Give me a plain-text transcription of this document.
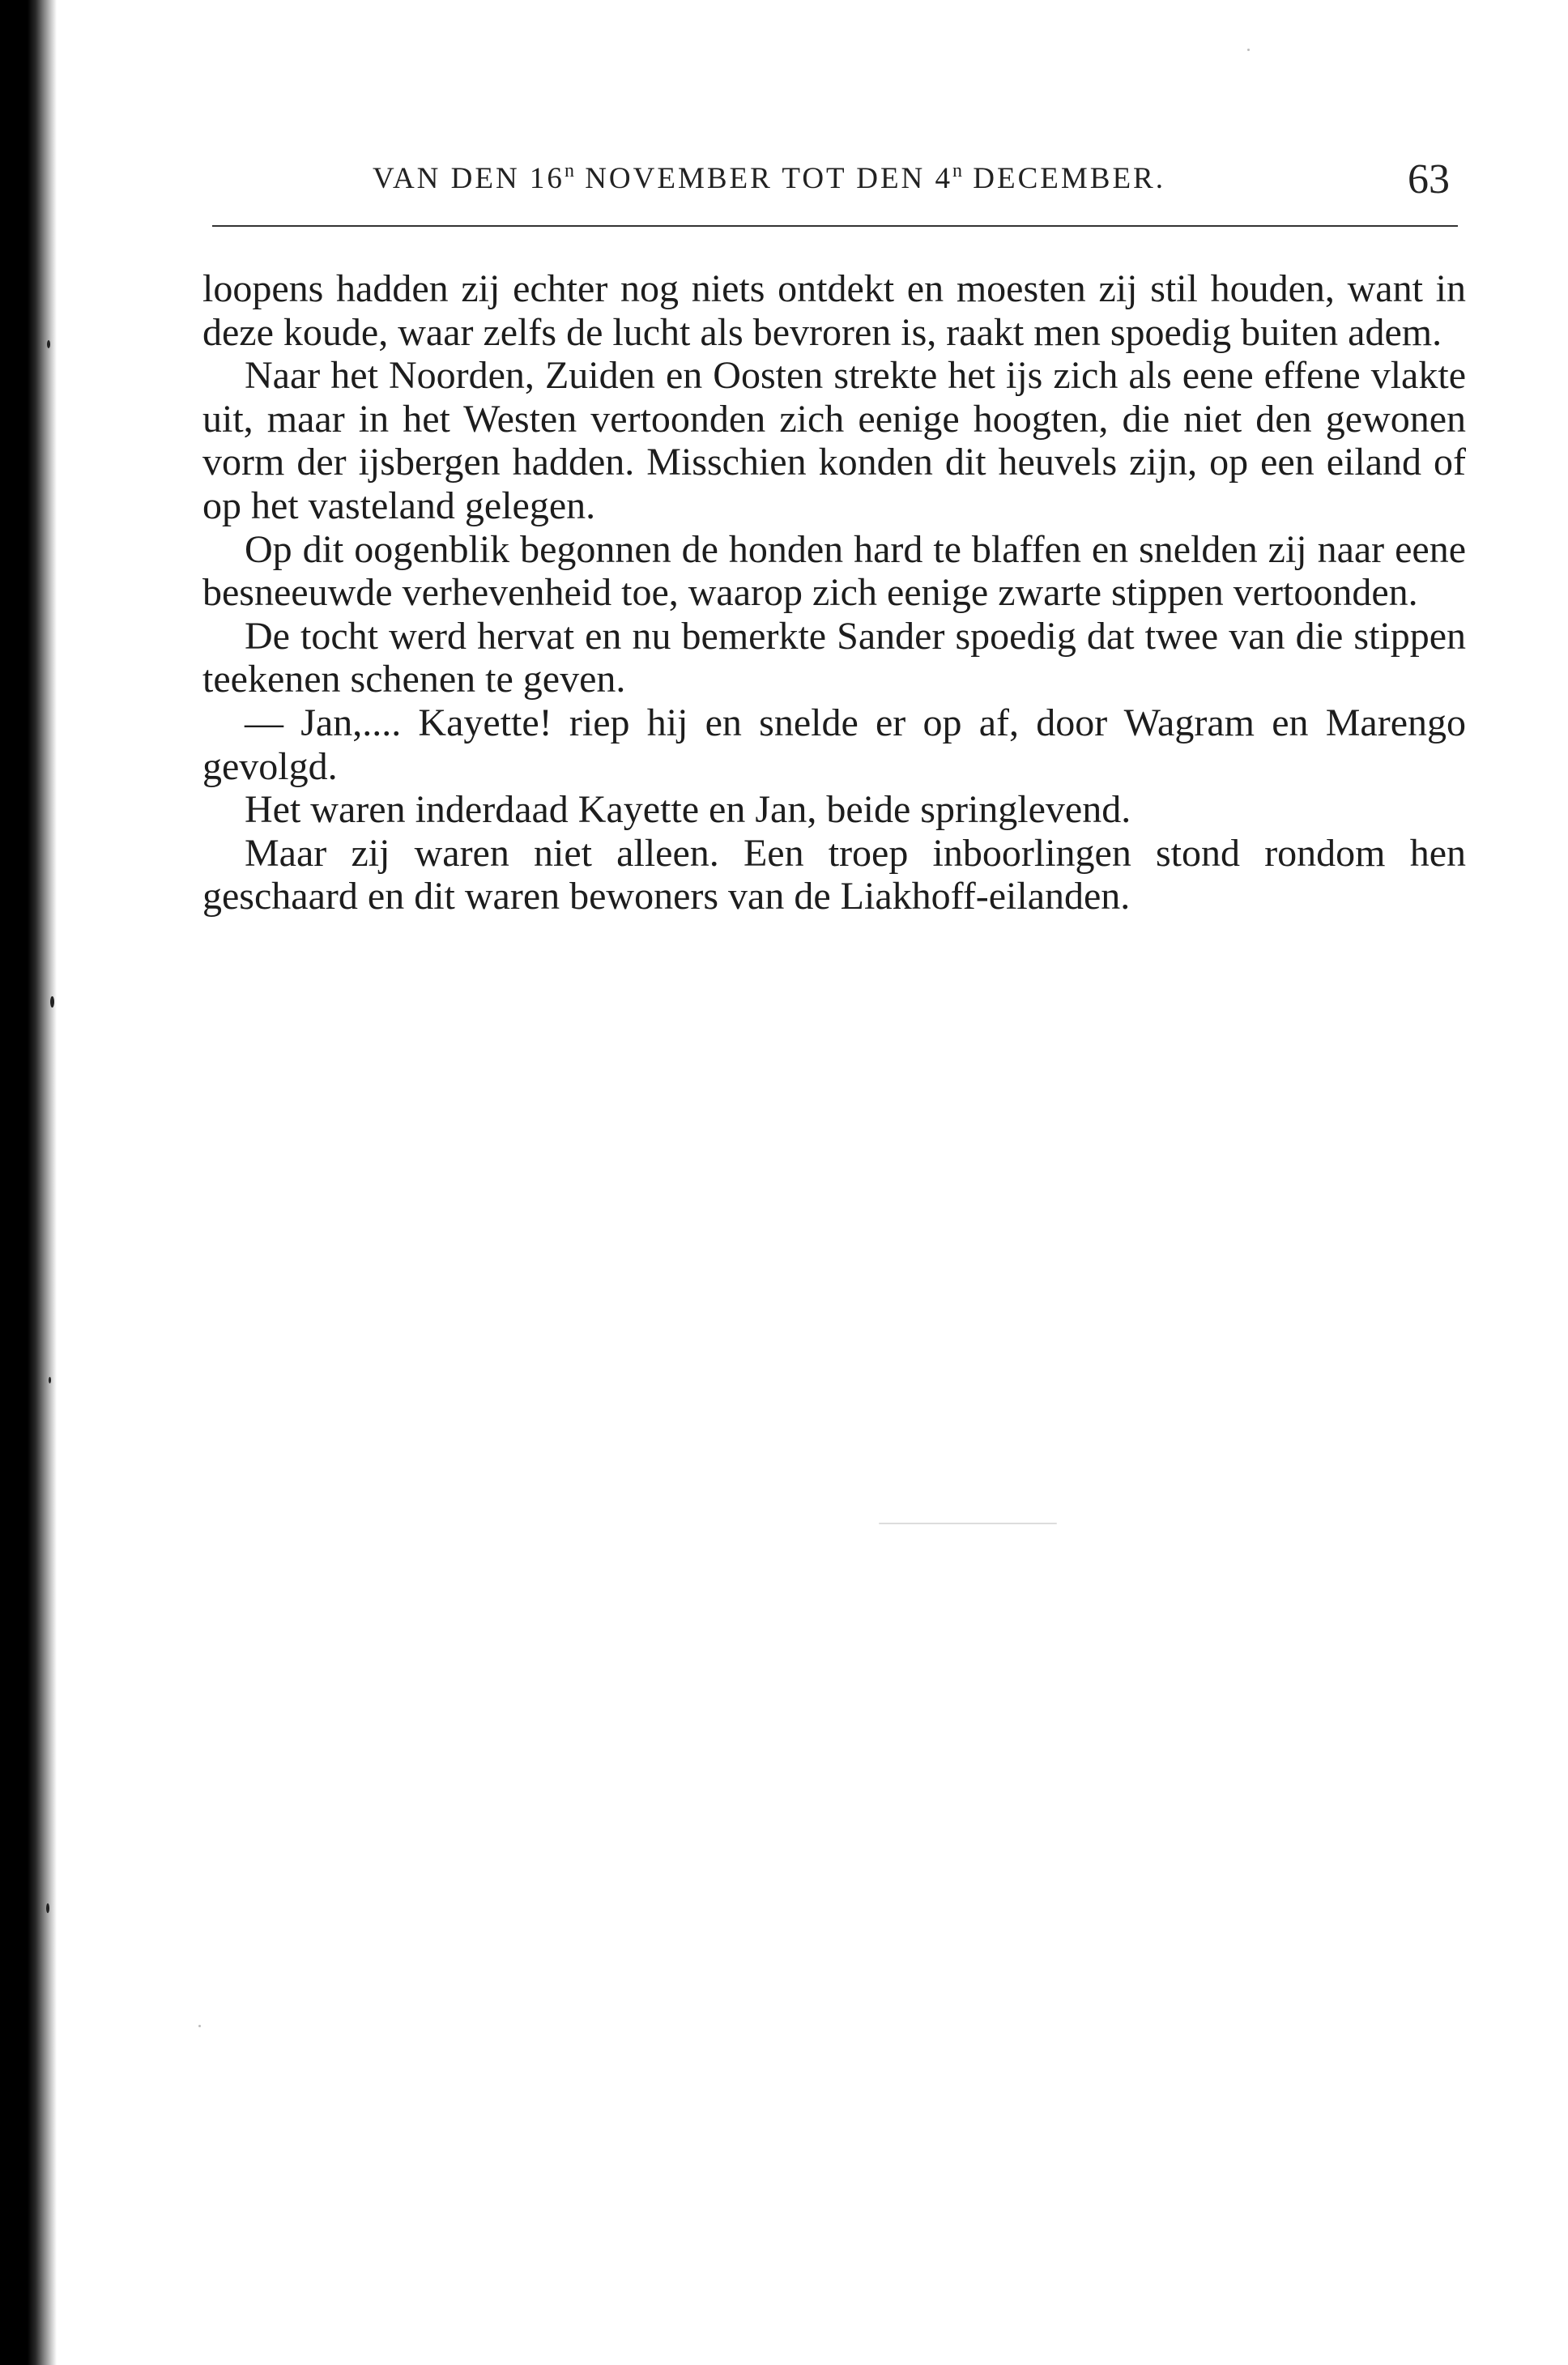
VAN DEN 16$^n$ NOVEMBER TOT DEN 4$^n$ DECEMBER.	63

loopens hadden zij echter nog niets ontdekt en moesten zij stil houden, want in deze koude, waar zelfs de lucht als bevroren is, raakt men spoedig buiten adem.

Naar het Noorden, Zuiden en Oosten strekte het ijs zich als eene effene vlakte uit, maar in het Westen vertoonden zich eenige hoogten, die niet den gewonen vorm der ijsbergen hadden. Misschien konden dit heuvels zijn, op een eiland of op het vasteland gelegen.

Op dit oogenblik begonnen de honden hard te blaffen en snelden zij naar eene besneeuwde verhevenheid toe, waarop zich eenige zwarte stippen vertoonden.

De tocht werd hervat en nu bemerkte Sander spoedig dat twee van die stippen teekenen schenen te geven.

— Jan,.... Kayette! riep hij en snelde er op af, door Wagram en Marengo gevolgd.

Het waren inderdaad Kayette en Jan, beide springlevend.

Maar zij waren niet alleen. Een troep inboorlingen stond rondom hen geschaard en dit waren bewoners van de Liakhoff-eilanden.
